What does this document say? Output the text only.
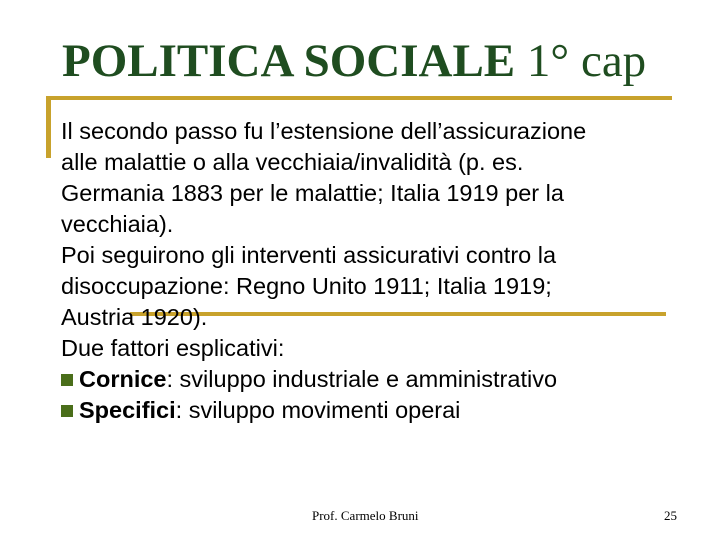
POLITICA SOCIALE 1° cap
Il secondo passo fu l’estensione dell’assicurazione
alle malattie o alla vecchiaia/invalidità (p. es.
Germania 1883 per le malattie; Italia 1919 per la
vecchiaia).
Poi seguirono gli interventi assicurativi contro la
disoccupazione: Regno Unito 1911; Italia 1919;
Austria 1920).
Due fattori esplicativi:
Cornice: sviluppo industriale e amministrativo
Specifici: sviluppo movimenti operai
Prof. Carmelo Bruni	25
